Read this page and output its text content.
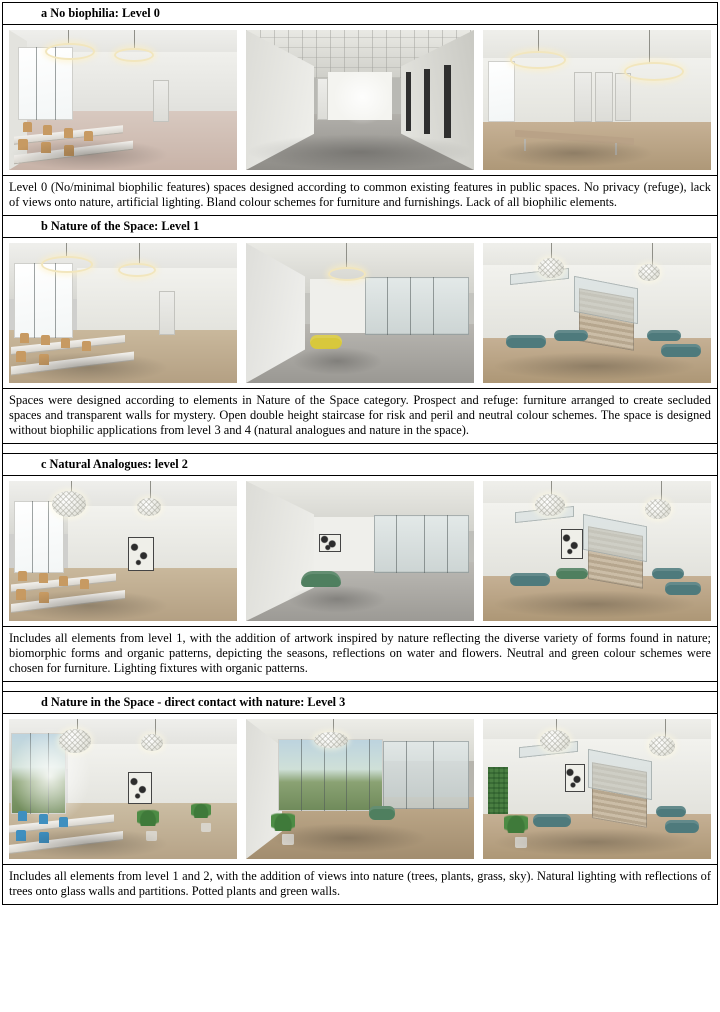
a No biophilia: Level 0

Level 0 (No/minimal biophilic features) spaces designed according to common existing features in public spaces. No privacy (refuge), lack of views onto nature, artificial lighting. Bland colour schemes for furniture and furnishings. Lack of all biophilic elements.

b Nature of the Space: Level 1

Spaces were designed according to elements in Nature of the Space category. Prospect and refuge: furniture arranged to create secluded spaces and transparent walls for mystery. Open double height staircase for risk and peril and neutral colour schemes. The space is designed without biophilic applications from level 3 and 4 (natural analogues and nature in the space).

c Natural Analogues: level 2

Includes all elements from level 1, with the addition of artwork inspired by nature reflecting the diverse variety of forms found in nature; biomorphic forms and organic patterns, depicting the seasons, reflections on water and flowers. Neutral and green colour schemes were chosen for furniture. Lighting fixtures with organic patterns.

d Nature in the Space - direct contact with nature: Level 3

Includes all elements from level 1 and 2, with the addition of views into nature (trees, plants, grass, sky). Natural lighting with reflections of trees onto glass walls and partitions. Potted plants and green walls.
